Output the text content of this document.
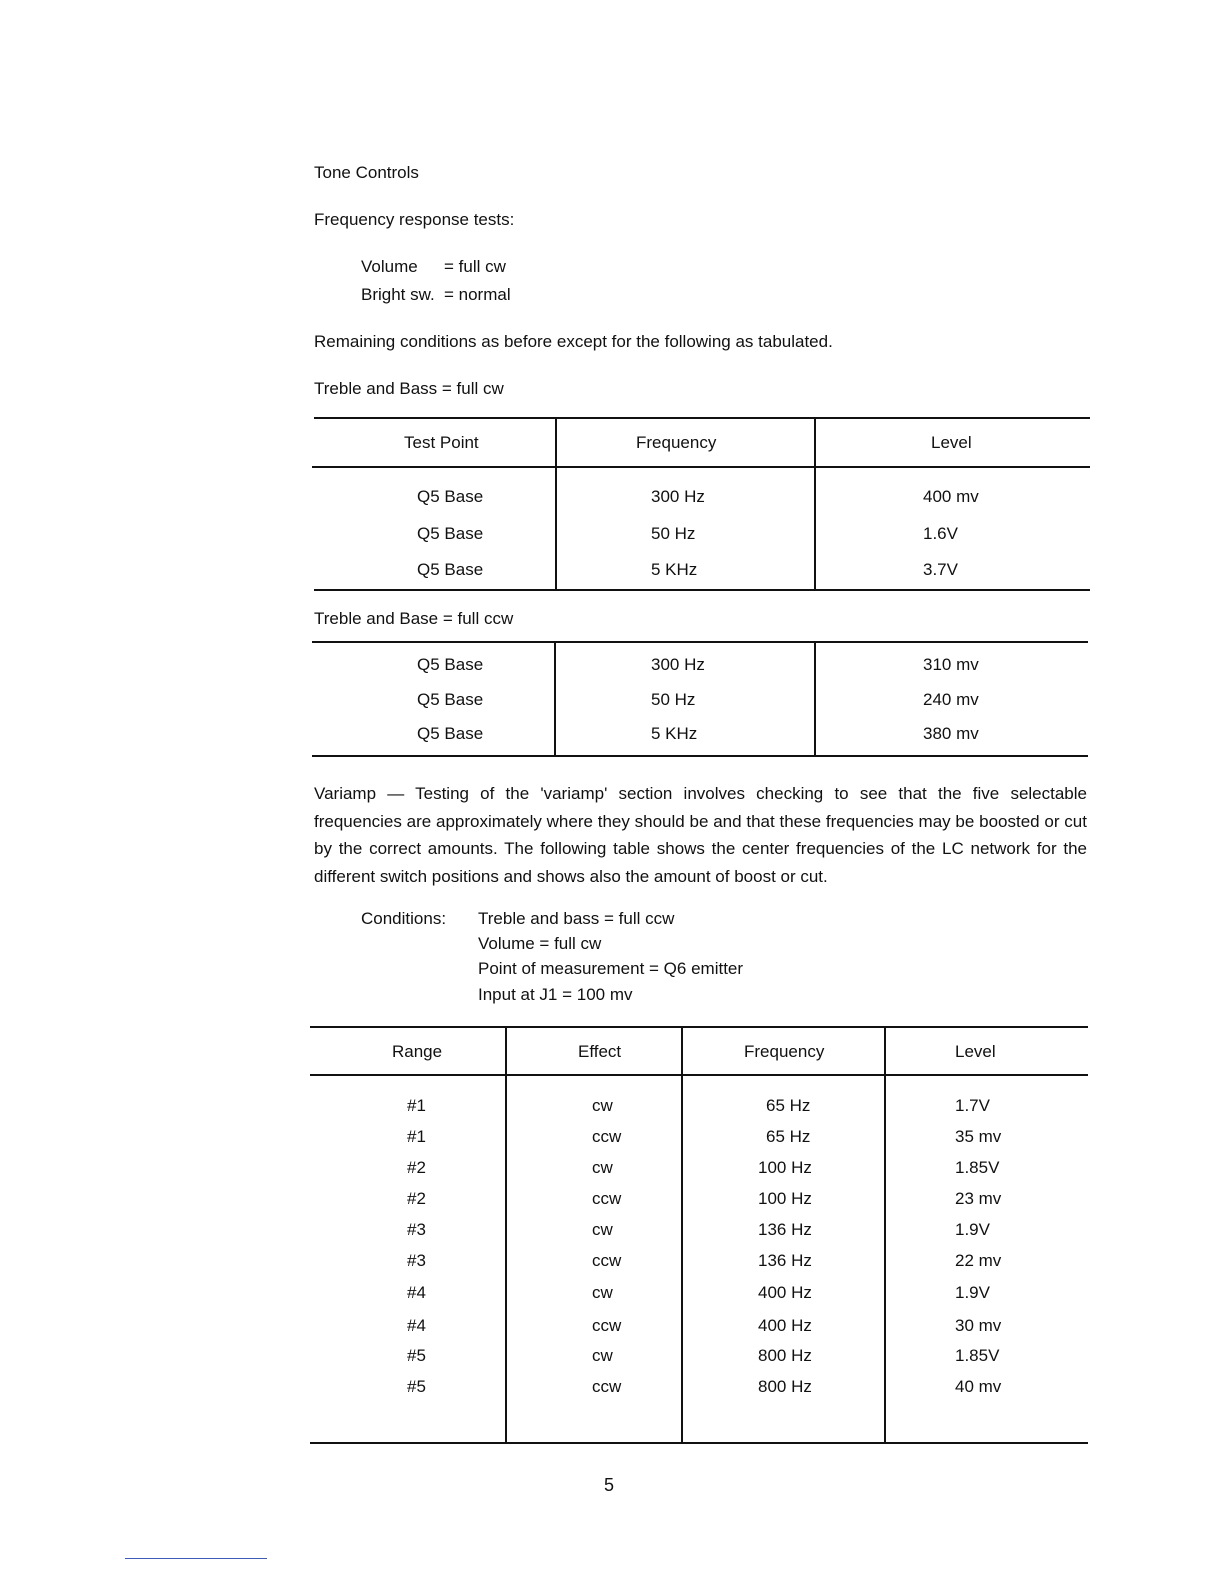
Tone Controls
Frequency response tests:
Volume = full cw
Bright sw. = normal
Remaining conditions as before except for the following as tabulated.
Treble and Bass = full cw
Test Point	Frequency	Level
Q5 Base	300 Hz	400 mv
Q5 Base	50 Hz	1.6V
Q5 Base	5 KHz	3.7V
Treble and Base = full ccw
Q5 Base	300 Hz	310 mv
Q5 Base	50 Hz	240 mv
Q5 Base	5 KHz	380 mv
Variamp — Testing of the 'variamp' section involves checking to see that the five selectable frequencies are approximately where they should be and that these frequencies may be boosted or cut by the correct amounts. The following table shows the center frequencies of the LC network for the different switch positions and shows also the amount of boost or cut.
Conditions: Treble and bass = full ccw
Volume = full cw
Point of measurement = Q6 emitter
Input at J1 = 100 mv
Range	Effect	Frequency	Level
#1	cw	65 Hz	1.7V
#1	ccw	65 Hz	35 mv
#2	cw	100 Hz	1.85V
#2	ccw	100 Hz	23 mv
#3	cw	136 Hz	1.9V
#3	ccw	136 Hz	22 mv
#4	cw	400 Hz	1.9V
#4	ccw	400 Hz	30 mv
#5	cw	800 Hz	1.85V
#5	ccw	800 Hz	40 mv
5
